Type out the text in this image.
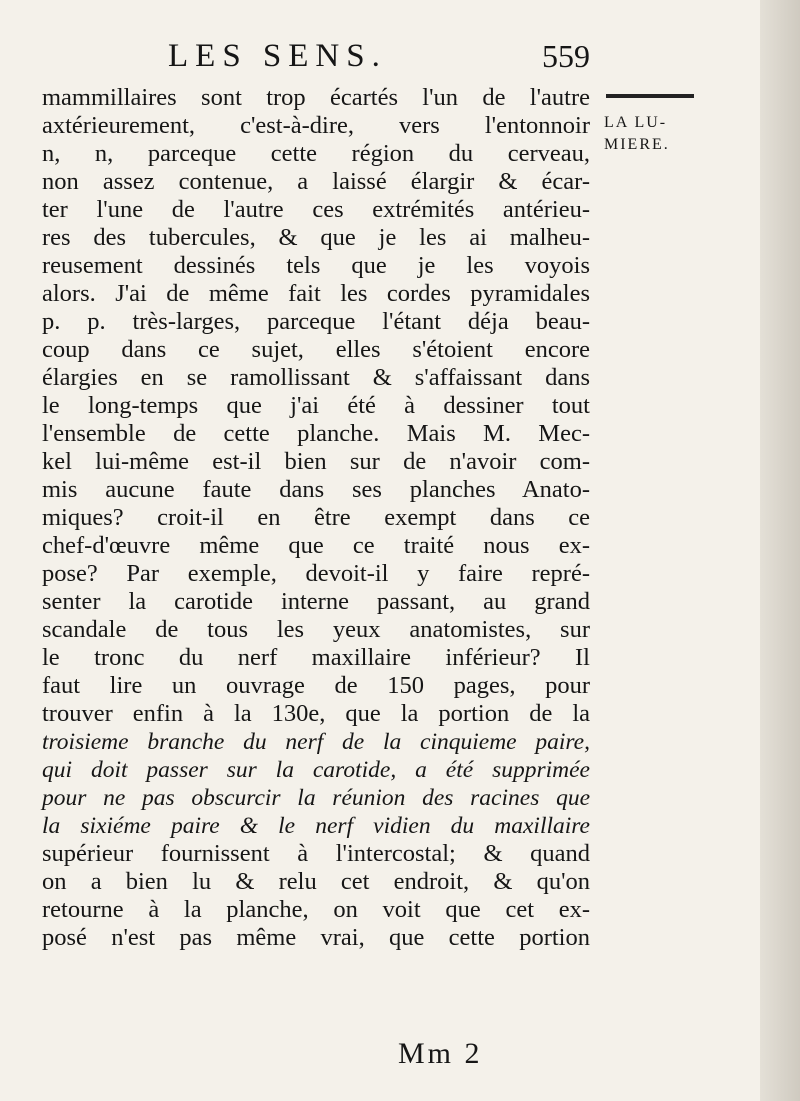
LES SENS.	559
LA LU-
MIERE.
mammillaires sont trop écartés l'un de l'autre
axtérieurement, c'est-à-dire, vers l'entonnoir
n, n, parceque cette région du cerveau,
non assez contenue, a laissé élargir & écar-
ter l'une de l'autre ces extrémités antérieu-
res des tubercules, & que je les ai malheu-
reusement dessinés tels que je les voyois
alors. J'ai de même fait les cordes pyramidales
p. p. très-larges, parceque l'étant déja beau-
coup dans ce sujet, elles s'étoient encore
élargies en se ramollissant & s'affaissant dans
le long-temps que j'ai été à dessiner tout
l'ensemble de cette planche. Mais M. Mec-
kel lui-même est-il bien sur de n'avoir com-
mis aucune faute dans ses planches Anato-
miques? croit-il en être exempt dans ce
chef-d'œuvre même que ce traité nous ex-
pose? Par exemple, devoit-il y faire repré-
senter la carotide interne passant, au grand
scandale de tous les yeux anatomistes, sur
le tronc du nerf maxillaire inférieur? Il
faut lire un ouvrage de 150 pages, pour
trouver enfin à la 130e, que la portion de la
troisieme branche du nerf de la cinquieme paire,
qui doit passer sur la carotide, a été supprimée
pour ne pas obscurcir la réunion des racines que
la sixiéme paire & le nerf vidien du maxillaire
supérieur fournissent à l'intercostal; & quand
on a bien lu & relu cet endroit, & qu'on
retourne à la planche, on voit que cet ex-
posé n'est pas même vrai, que cette portion
Mm 2
